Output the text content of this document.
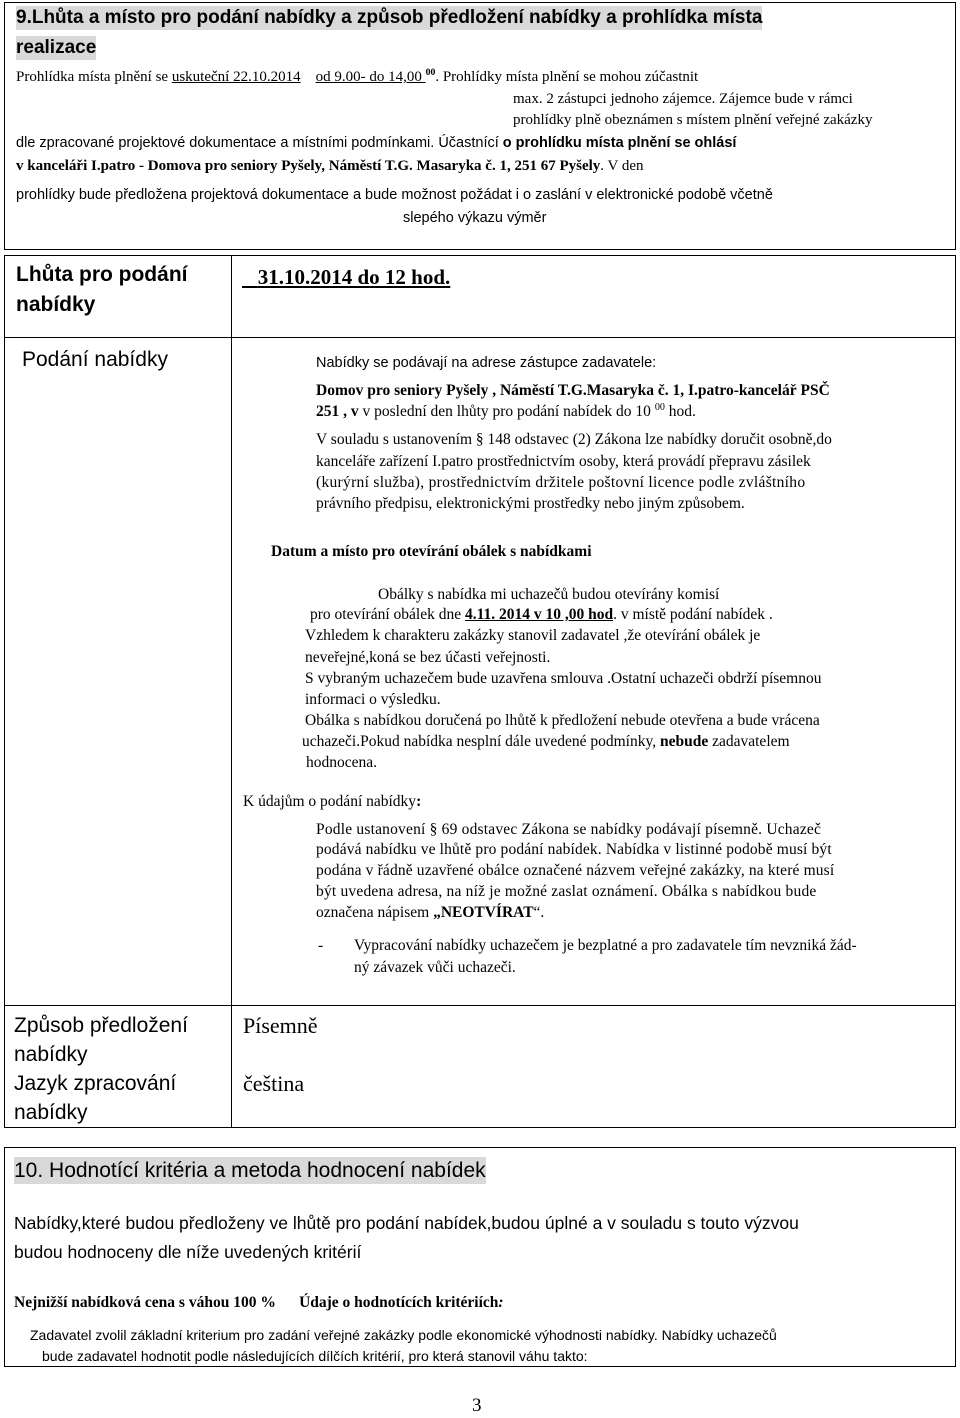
9.Lhůta a místo pro podání nabídky a způsob předložení nabídky a prohlídka místa
realizace
Prohlídka místa plnění se uskuteční 22.10.2014 od 9.00- do 14,00 $^{00}$. Prohlídky místa plnění se mohou zúčastnit
max. 2 zástupci jednoho zájemce. Zájemce bude v rámci
prohlídky plně obeznámen s místem plnění veřejné zakázky
dle zpracované projektové dokumentace a místními podmínkami. Účastnící o prohlídku místa plnění se ohlásí
v kanceláři I.patro - Domova pro seniory Pyšely, Náměstí T.G. Masaryka č. 1, 251 67 Pyšely. V den
prohlídky bude předložena projektová dokumentace a bude možnost požádat i o zaslání v elektronické podobě včetně
slepého výkazu výměr
Lhůta pro podání
nabídky
31.10.2014 do 12 hod.
Podání nabídky	Nabídky se podávají na adrese zástupce zadavatele:
Domov pro seniory Pyšely , Náměstí T.G.Masaryka č. 1, I.patro-kancelář PSČ
251 , v v poslední den lhůty pro podání nabídek do 10 $^{00}$ hod.
V souladu s ustanovením § 148 odstavec (2) Zákona lze nabídky doručit osobně,do
kanceláře zařízení I.patro prostřednictvím osoby, která provádí přepravu zásilek
(kurýrní služba), prostřednictvím držitele poštovní licence podle zvláštního
právního předpisu, elektronickými prostředky nebo jiným způsobem.
Datum a místo pro otevírání obálek s nabídkami
Obálky s nabídka mi uchazečů budou otevírány komisí
pro otevírání obálek dne 4.11. 2014 v 10 ,00 hod. v místě podání nabídek .
Vzhledem k charakteru zakázky stanovil zadavatel ,že otevírání obálek je
neveřejné,koná se bez účasti veřejnosti.
S vybraným uchazečem bude uzavřena smlouva .Ostatní uchazeči obdrží písemnou
informaci o výsledku.
Obálka s nabídkou doručená po lhůtě k předložení nebude otevřena a bude vrácena
uchazeči.Pokud nabídka nesplní dále uvedené podmínky, nebude zadavatelem
hodnocena.
K údajům o podání nabídky:
Podle ustanovení § 69 odstavec Zákona se nabídky podávají písemně. Uchazeč
podává nabídku ve lhůtě pro podání nabídek. Nabídka v listinné podobě musí být
podána v řádně uzavřené obálce označené názvem veřejné zakázky, na které musí
být uvedena adresa, na níž je možné zaslat oznámení. Obálka s nabídkou bude
označena nápisem „NEOTVÍRAT“.
- Vypracování nabídky uchazečem je bezplatné a pro zadavatele tím nevzniká žád-
ný závazek vůči uchazeči.
Způsob předložení
nabídky
Jazyk zpracování
nabídky
Písemně
čeština
10. Hodnotící kritéria a metoda hodnocení nabídek
Nabídky,které budou předloženy ve lhůtě pro podání nabídek,budou úplné a v souladu s touto výzvou
budou hodnoceny dle níže uvedených kritérií
Nejnižší nabídková cena s váhou 100 % Údaje o hodnotících kritériích:
Zadavatel zvolil základní kriterium pro zadání veřejné zakázky podle ekonomické výhodnosti nabídky. Nabídky uchazečů
bude zadavatel hodnotit podle následujících dílčích kritérií, pro která stanovil váhu takto:
3
